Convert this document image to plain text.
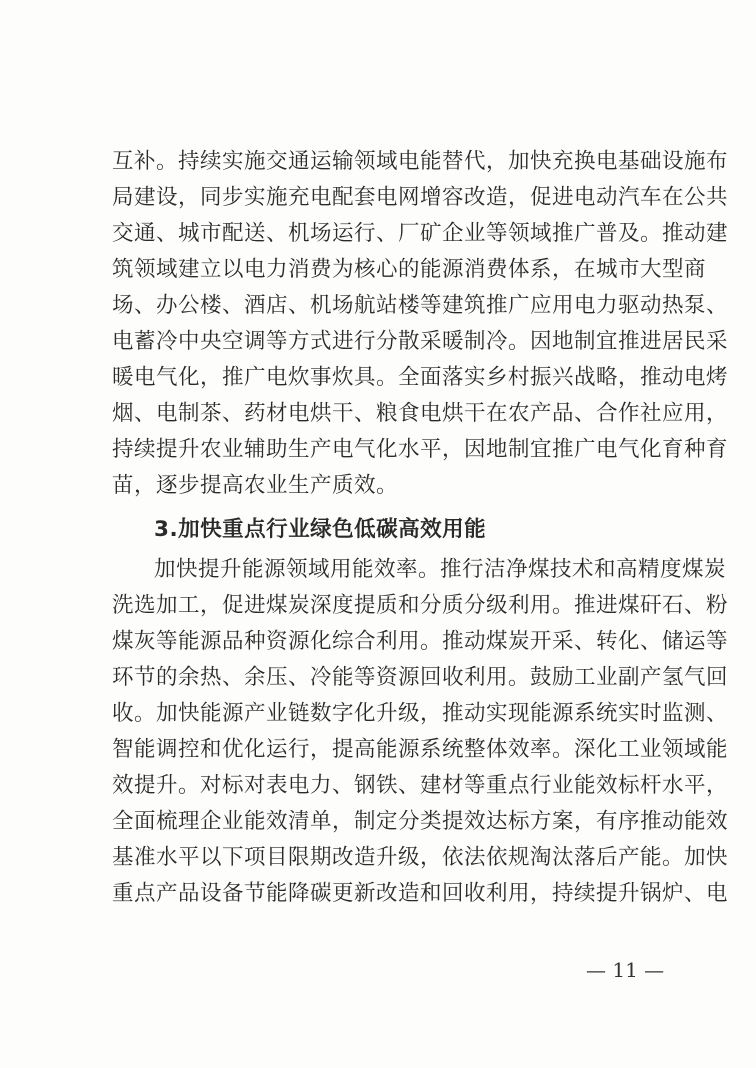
互补。持续实施交通运输领域电能替代，加快充换电基础设施布
局建设，同步实施充电配套电网增容改造，促进电动汽车在公共
交通、城市配送、机场运行、厂矿企业等领域推广普及。推动建
筑领域建立以电力消费为核心的能源消费体系，在城市大型商
场、办公楼、酒店、机场航站楼等建筑推广应用电力驱动热泵、
电蓄冷中央空调等方式进行分散采暖制冷。因地制宜推进居民采
暖电气化，推广电炊事炊具。全面落实乡村振兴战略，推动电烤
烟、电制茶、药材电烘干、粮食电烘干在农产品、合作社应用，
持续提升农业辅助生产电气化水平，因地制宜推广电气化育种育
苗，逐步提高农业生产质效。
3.加快重点行业绿色低碳高效用能
加快提升能源领域用能效率。推行洁净煤技术和高精度煤炭
洗选加工，促进煤炭深度提质和分质分级利用。推进煤矸石、粉
煤灰等能源品种资源化综合利用。推动煤炭开采、转化、储运等
环节的余热、余压、冷能等资源回收利用。鼓励工业副产氢气回
收。加快能源产业链数字化升级，推动实现能源系统实时监测、
智能调控和优化运行，提高能源系统整体效率。深化工业领域能
效提升。对标对表电力、钢铁、建材等重点行业能效标杆水平，
全面梳理企业能效清单，制定分类提效达标方案，有序推动能效
基准水平以下项目限期改造升级，依法依规淘汰落后产能。加快
重点产品设备节能降碳更新改造和回收利用，持续提升锅炉、电
— 11 —
